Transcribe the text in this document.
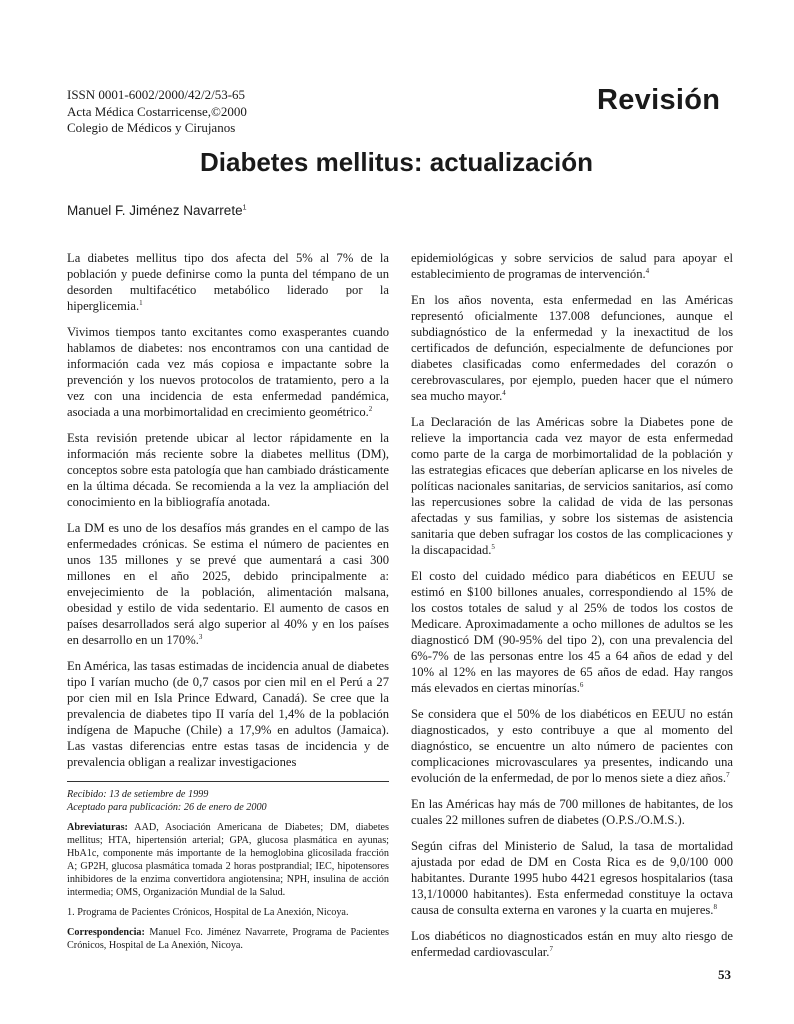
ISSN 0001-6002/2000/42/2/53-65
Acta Médica Costarricense,©2000
Colegio de Médicos y Cirujanos
Revisión
Diabetes mellitus: actualización
Manuel F. Jiménez Navarrete$^1$

La diabetes mellitus tipo dos afecta del 5% al 7% de la población y puede definirse como la punta del témpano de un desorden multifacético metabólico liderado por la hiperglicemia.$^1$

Vivimos tiempos tanto excitantes como exasperantes cuando hablamos de diabetes: nos encontramos con una cantidad de información cada vez más copiosa e impactante sobre la prevención y los nuevos protocolos de tratamiento, pero a la vez con una incidencia de esta enfermedad pandémica, asociada a una morbimortalidad en crecimiento geométrico.$^2$

Esta revisión pretende ubicar al lector rápidamente en la información más reciente sobre la diabetes mellitus (DM), conceptos sobre esta patología que han cambiado drásticamente en la última década. Se recomienda a la vez la ampliación del conocimiento en la bibliografía anotada.

La DM es uno de los desafíos más grandes en el campo de las enfermedades crónicas. Se estima el número de pacientes en unos 135 millones y se prevé que aumentará a casi 300 millones en el año 2025, debido principalmente a: envejecimiento de la población, alimentación malsana, obesidad y estilo de vida sedentario. El aumento de casos en países desarrollados será algo superior al 40% y en los países en desarrollo en un 170%.$^3$

En América, las tasas estimadas de incidencia anual de diabetes tipo I varían mucho (de 0,7 casos por cien mil en el Perú a 27 por cien mil en Isla Prince Edward, Canadá). Se cree que la prevalencia de diabetes tipo II varía del 1,4% de la población indígena de Mapuche (Chile) a 17,9% en adultos (Jamaica). Las vastas diferencias entre estas tasas de incidencia y de prevalencia obligan a realizar investigaciones

epidemiológicas y sobre servicios de salud para apoyar el establecimiento de programas de intervención.$^4$

En los años noventa, esta enfermedad en las Américas representó oficialmente 137.008 defunciones, aunque el subdiagnóstico de la enfermedad y la inexactitud de los certificados de defunción, especialmente de defunciones por diabetes clasificadas como enfermedades del corazón o cerebrovasculares, por ejemplo, pueden hacer que el número sea mucho mayor.$^4$

La Declaración de las Américas sobre la Diabetes pone de relieve la importancia cada vez mayor de esta enfermedad como parte de la carga de morbimortalidad de la población y las estrategias eficaces que deberían aplicarse en los niveles de políticas nacionales sanitarias, de servicios sanitarios, así como las repercusiones sobre la calidad de vida de las personas afectadas y sus familias, y sobre los sistemas de asistencia sanitaria que deben sufragar los costos de las complicaciones y la discapacidad.$^5$

El costo del cuidado médico para diabéticos en EEUU se estimó en $100 billones anuales, correspondiendo al 15% de los costos totales de salud y al 25% de todos los costos de Medicare. Aproximadamente a ocho millones de adultos se les diagnosticó DM (90-95% del tipo 2), con una prevalencia del 6%-7% de las personas entre los 45 a 64 años de edad y del 10% al 12% en las mayores de 65 años de edad. Hay rangos más elevados en ciertas minorías.$^6$

Se considera que el 50% de los diabéticos en EEUU no están diagnosticados, y esto contribuye a que al momento del diagnóstico, se encuentre un alto número de pacientes con complicaciones microvasculares ya presentes, indicando una evolución de la enfermedad, de por lo menos siete a diez años.$^7$

En las Américas hay más de 700 millones de habitantes, de los cuales 22 millones sufren de diabetes (O.P.S./O.M.S.).

Según cifras del Ministerio de Salud, la tasa de mortalidad ajustada por edad de DM en Costa Rica es de 9,0/100 000 habitantes. Durante 1995 hubo 4421 egresos hospitalarios (tasa 13,1/10000 habitantes). Esta enfermedad constituye la octava causa de consulta externa en varones y la cuarta en mujeres.$^8$

Los diabéticos no diagnosticados están en muy alto riesgo de enfermedad cardiovascular.$^7$

Recibido: 13 de setiembre de 1999
Aceptado para publicación: 26 de enero de 2000

Abreviaturas: AAD, Asociación Americana de Diabetes; DM, diabetes mellitus; HTA, hipertensión arterial; GPA, glucosa plasmática en ayunas; HbA1c, componente más importante de la hemoglobina glicosilada fracción A; GP2H, glucosa plasmática tomada 2 horas postprandial; IEC, hipotensores inhibidores de la enzima convertidora angiotensina; NPH, insulina de acción intermedia; OMS, Organización Mundial de la Salud.

1. Programa de Pacientes Crónicos, Hospital de La Anexión, Nicoya.

Correspondencia: Manuel Fco. Jiménez Navarrete, Programa de Pacientes Crónicos, Hospital de La Anexión, Nicoya.

53
